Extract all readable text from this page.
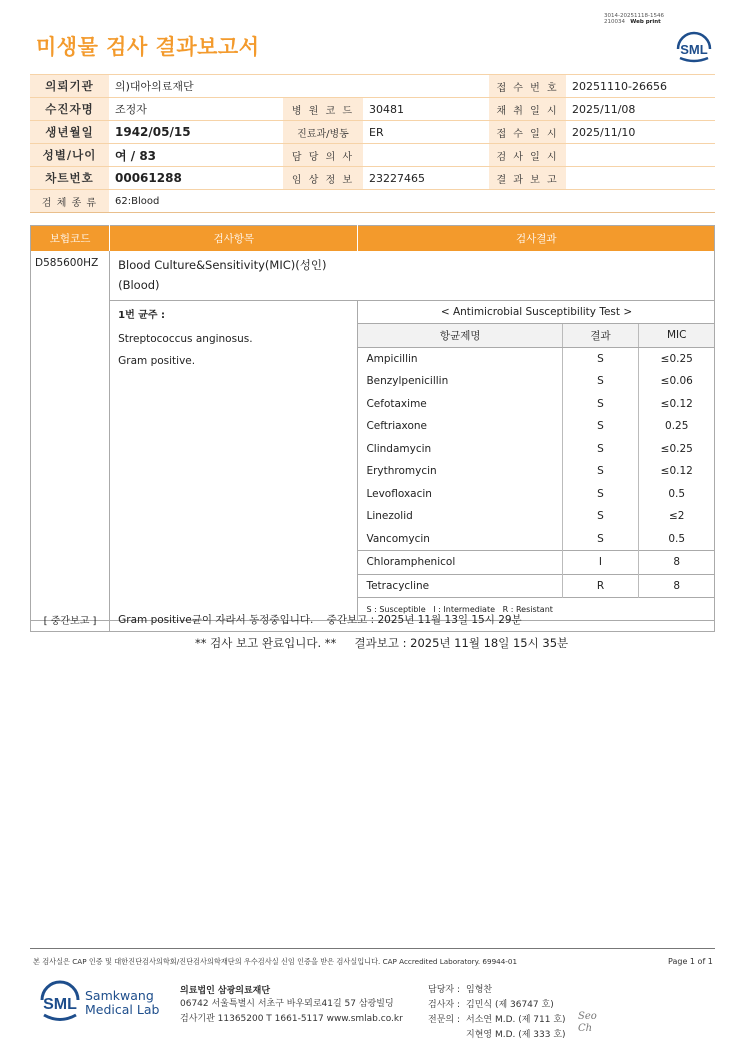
미생물 검사 결과보고서
3014-20251118-1546
210034 Web print
SML
의뢰기관	의)대아의료재단			접 수 번 호	20251110-26656
수진자명	조정자	병 원 코 드	30481	채 취 일 시	2025/11/08
생년월일	1942/05/15	진료과/병동	ER	접 수 일 시	2025/11/10
성별/나이	여 / 83	담 당 의 사		검 사 일 시	
차트번호	00061288	임 상 정 보	23227465	결 과 보 고	
검 체 종 류	62:Blood				
보험코드	검사항목	검사결과
D585600HZ	Blood Culture&Sensitivity(MIC)(성인)
(Blood)

1번 균주 :
Streptococcus anginosus.
Gram positive.

< Antimicrobial Susceptibility Test >
항균제명	결과	MIC
Ampicillin	S	≤0.25
Benzylpenicillin	S	≤0.06
Cefotaxime	S	≤0.12
Ceftriaxone	S	0.25
Clindamycin	S	≤0.25
Erythromycin	S	≤0.12
Levofloxacin	S	0.5
Linezolid	S	≤2
Vancomycin	S	0.5
Chloramphenicol	I	8
Tetracycline	R	8
S : Susceptible   I : Intermediate   R : Resistant
[ 중간보고 ]	Gram positive균이 자라서 동정중입니다.    중간보고 : 2025년 11월 13일 15시 29분
** 검사 보고 완료입니다. **     결과보고 : 2025년 11월 18일 15시 35분
본 검사실은 CAP 인증 및 대한진단검사의학회/진단검사의학재단의 우수검사실 신임 인증을 받은 검사실입니다. CAP Accredited Laboratory. 69944-01	Page 1 of 1
SML
Samkwang
Medical Lab
의료법인 삼광의료재단
06742 서울특별시 서초구 바우뫼로41길 57 삼광빌딩
검사기관 11365200 T 1661-5117 www.smlab.co.kr
담당자 : 임형찬
검사자 : 김민식 (제 36747 호)
전문의 : 서소연 M.D. (제 711 호)
지현영 M.D. (제 333 호)
Seo
Ch
